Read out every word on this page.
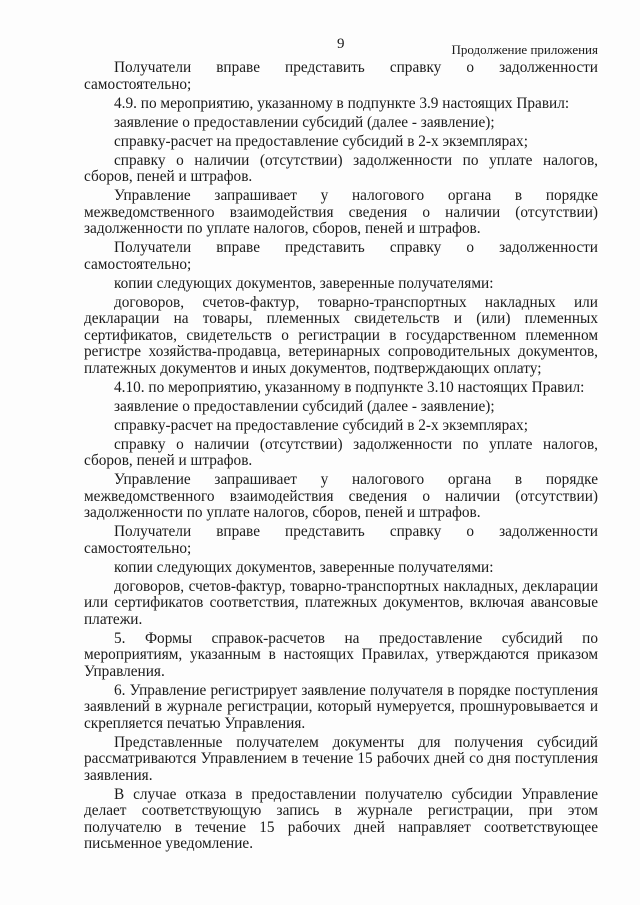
9	Продолжение приложения

Получатели вправе представить справку о задолженности самостоятельно;

4.9. по мероприятию, указанному в подпункте 3.9 настоящих Правил:

заявление о предоставлении субсидий (далее - заявление);

справку-расчет на предоставление субсидий в 2-х экземплярах;

справку о наличии (отсутствии) задолженности по уплате налогов, сборов, пеней и штрафов.

Управление запрашивает у налогового органа в порядке межведомственного взаимодействия сведения о наличии (отсутствии) задолженности по уплате налогов, сборов, пеней и штрафов.

Получатели вправе представить справку о задолженности самостоятельно;

копии следующих документов, заверенные получателями:

договоров, счетов-фактур, товарно-транспортных накладных или декларации на товары, племенных свидетельств и (или) племенных сертификатов, свидетельств о регистрации в государственном племенном регистре хозяйства-продавца, ветеринарных сопроводительных документов, платежных документов и иных документов, подтверждающих оплату;

4.10. по мероприятию, указанному в подпункте 3.10 настоящих Правил:

заявление о предоставлении субсидий (далее - заявление);

справку-расчет на предоставление субсидий в 2-х экземплярах;

справку о наличии (отсутствии) задолженности по уплате налогов, сборов, пеней и штрафов.

Управление запрашивает у налогового органа в порядке межведомственного взаимодействия сведения о наличии (отсутствии) задолженности по уплате налогов, сборов, пеней и штрафов.

Получатели вправе представить справку о задолженности самостоятельно;

копии следующих документов, заверенные получателями:

договоров, счетов-фактур, товарно-транспортных накладных, декларации или сертификатов соответствия, платежных документов, включая авансовые платежи.

5. Формы справок-расчетов на предоставление субсидий по мероприятиям, указанным в настоящих Правилах, утверждаются приказом Управления.

6. Управление регистрирует заявление получателя в порядке поступления заявлений в журнале регистрации, который нумеруется, прошнуровывается и скрепляется печатью Управления.

Представленные получателем документы для получения субсидий рассматриваются Управлением в течение 15 рабочих дней со дня поступления заявления.

В случае отказа в предоставлении получателю субсидии Управление делает соответствующую запись в журнале регистрации, при этом получателю в течение 15 рабочих дней направляет соответствующее письменное уведомление.
